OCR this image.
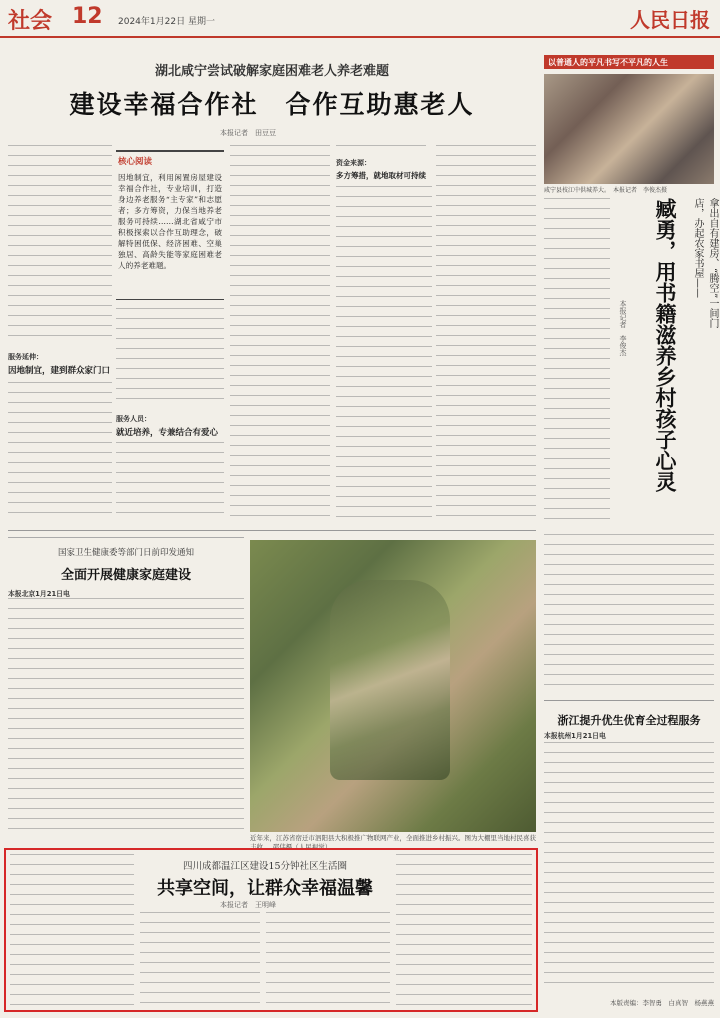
社会 12 2024年1月22日 星期一	人民日报
湖北咸宁尝试破解家庭困难老人养老难题
建设幸福合作社　合作互助惠老人
本报记者　田豆豆
服务延伸：
因地制宜，建到群众家门口
核心阅读
因地制宜，利用闲置房屋建设幸福合作社，专业培训，打造身边养老服务“主专家”和志愿者；多方筹资，力保当地养老服务可持续……湖北省咸宁市积极探索以合作互助理念，破解特困低保、经济困难、空巢独居、高龄失能等家庭困难老人的养老难题。
服务人员：
就近培养，专兼结合有爱心
资金来源：
多方筹措，就地取材可持续
以普通人的平凡书写不平凡的人生
咸宁县枝江中供城养大。　本报记者　李俊杰摄
拿出自有建房、“腾空”一间门店，办起农家书屋——
臧勇，用书籍滋养乡村孩子心灵
本报记者　李俊杰
国家卫生健康委等部门日前印发通知
全面开展健康家庭建设
本报北京1月21日电
近年来，江苏省宿迁市泗阳县大积极推广物联网产业，全面推进乡村振兴。图为大棚里当地村民喜获丰收。　邵伟摄（人民视觉）
浙江提升优生优育全过程服务
本报杭州1月21日电
四川成都温江区建设15分钟社区生活圈
共享空间，让群众幸福温馨
本报记者　王明峰
本版责编：李智勇　白真智　杨燕燕
